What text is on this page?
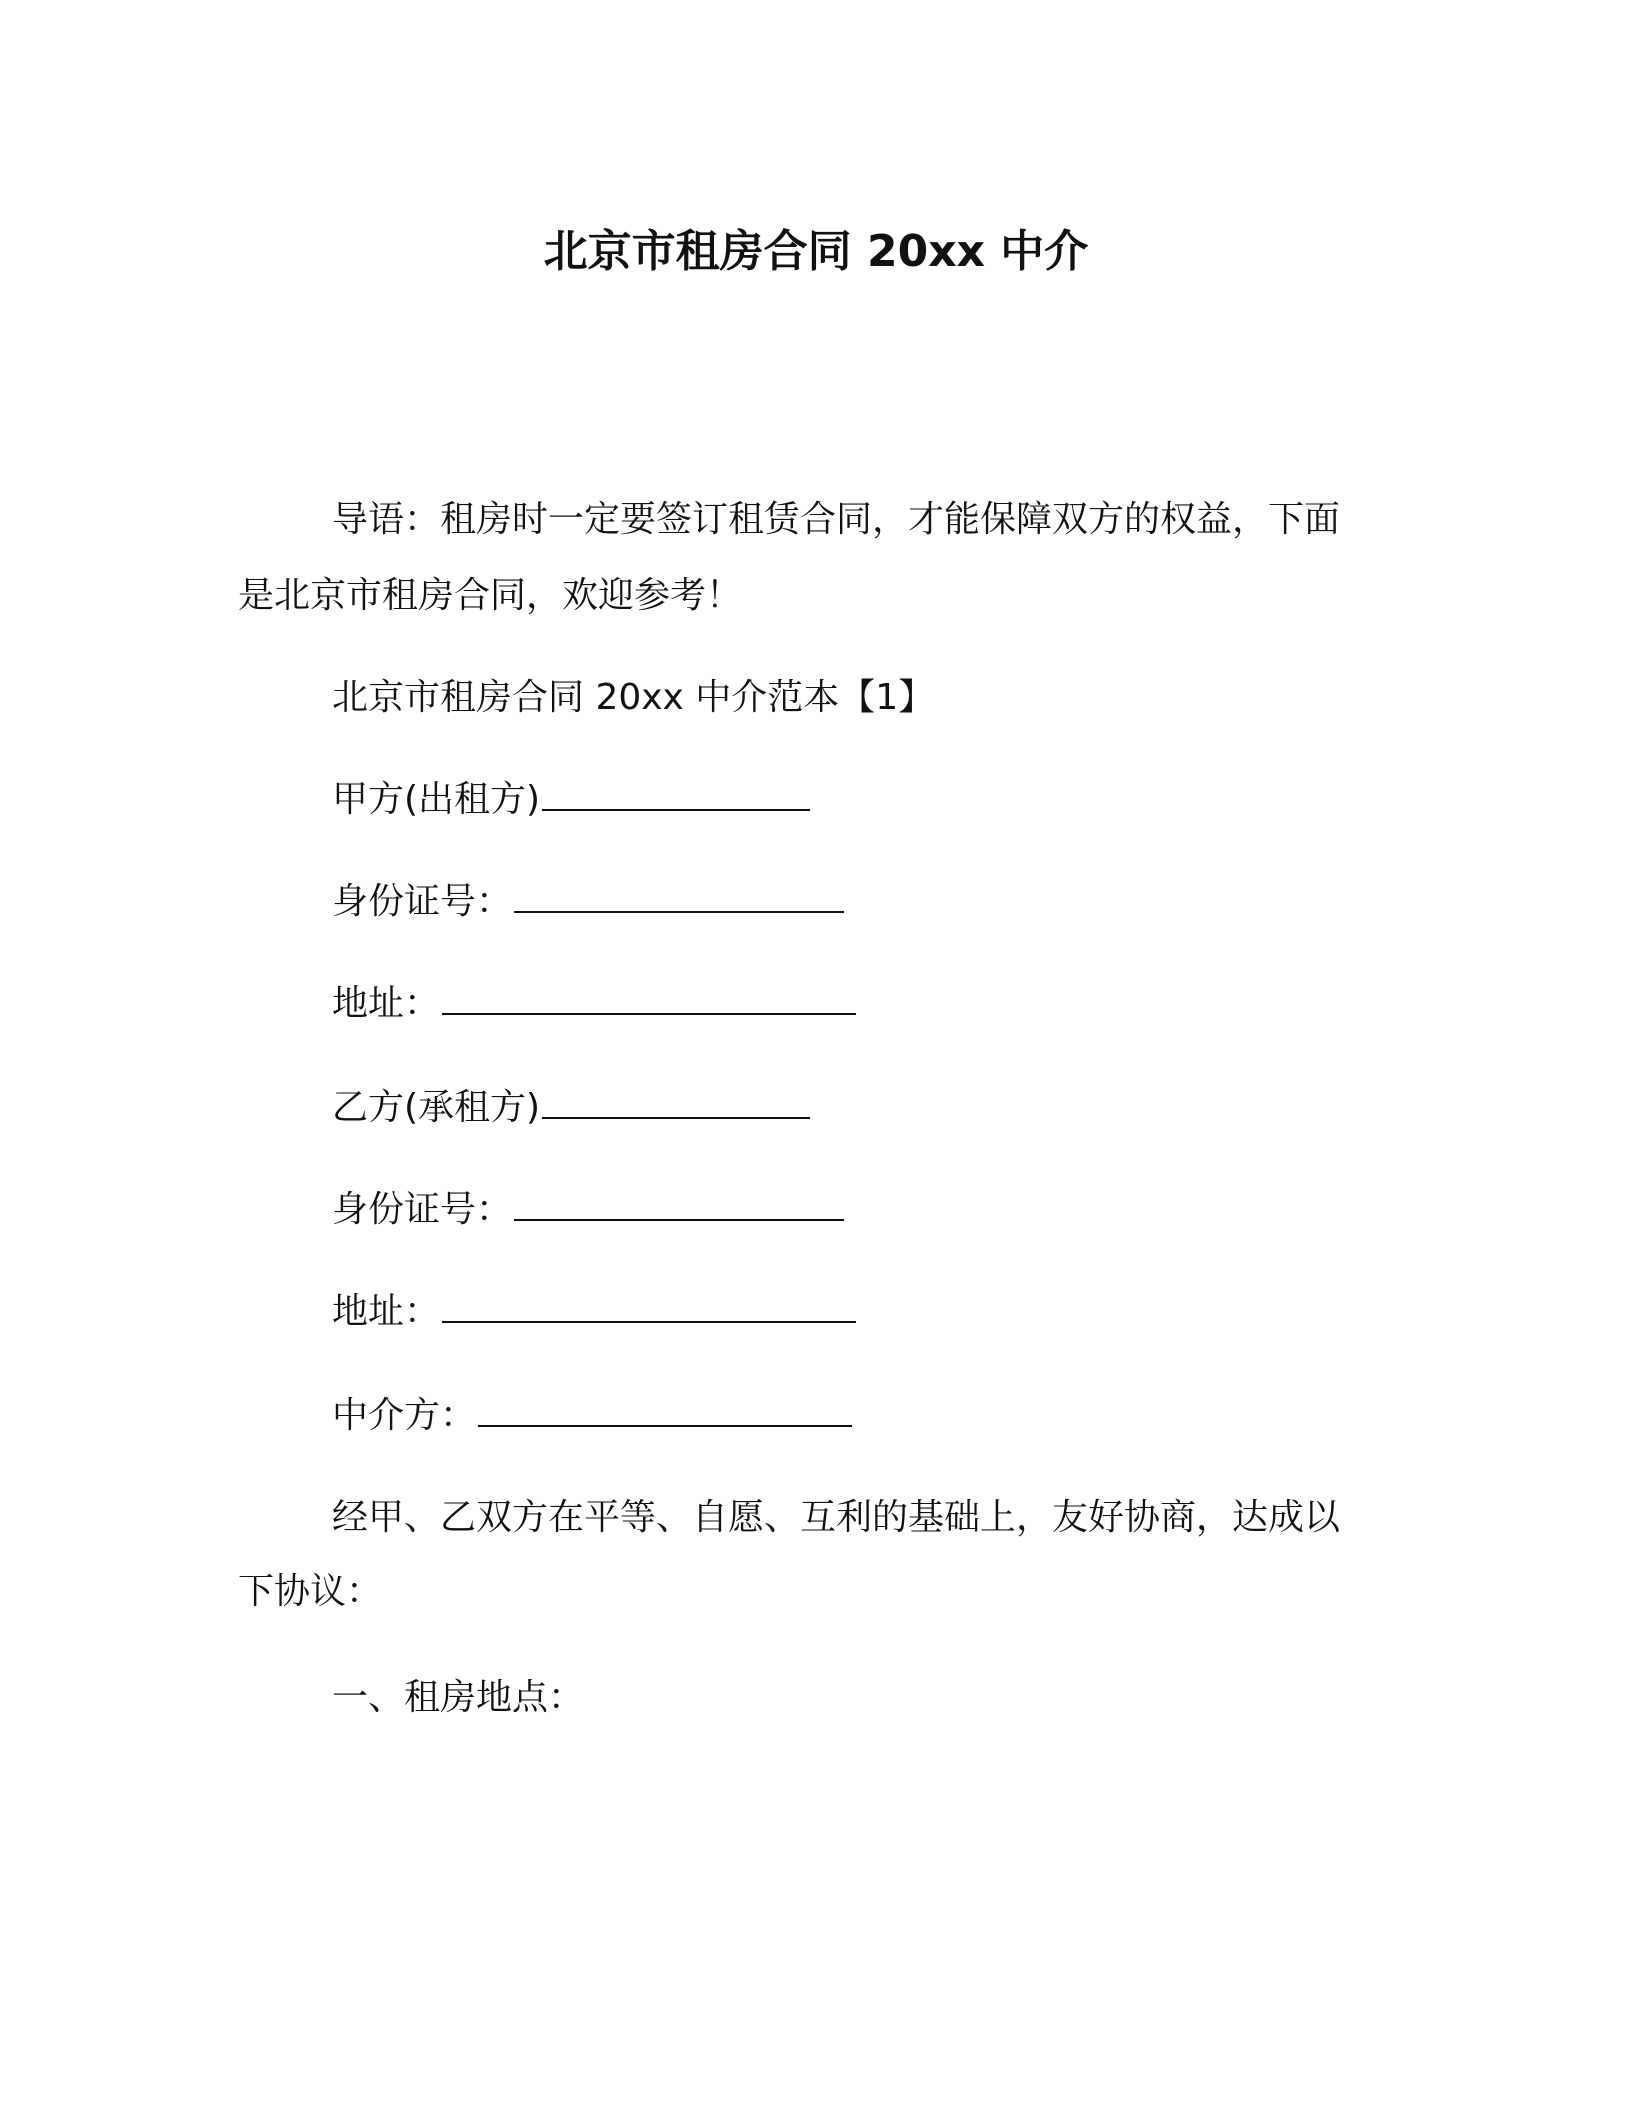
北京市租房合同 20xx 中介
导语：租房时一定要签订租赁合同，才能保障双方的权益，下面
是北京市租房合同，欢迎参考！
北京市租房合同 20xx 中介范本【1】
甲方(出租方)
身份证号：
地址：
乙方(承租方)
身份证号：
地址：
中介方：
经甲、乙双方在平等、自愿、互利的基础上，友好协商，达成以
下协议：
一、租房地点：
